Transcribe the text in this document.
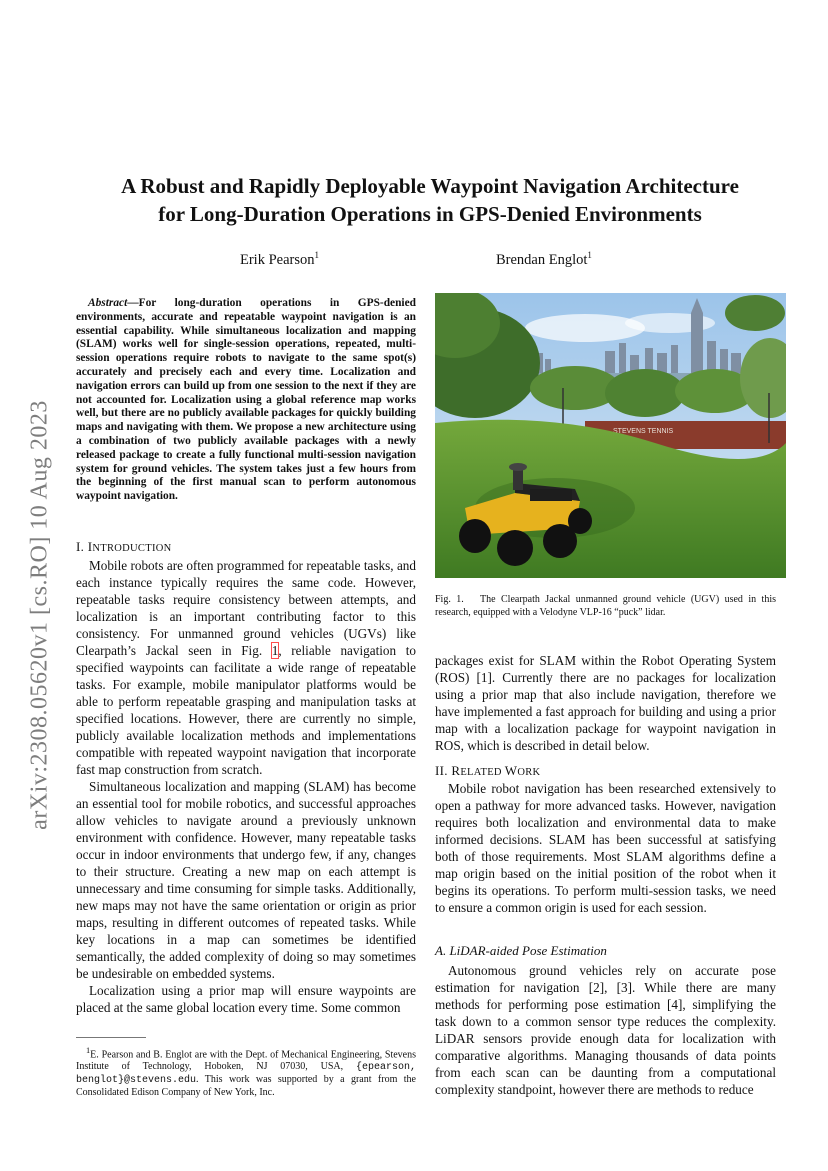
arXiv:2308.05620v1 [cs.RO] 10 Aug 2023
A Robust and Rapidly Deployable Waypoint Navigation Architecture
for Long-Duration Operations in GPS-Denied Environments
Erik Pearson$^1$	Brendan Englot$^1$

Abstract—For long-duration operations in GPS-denied environments, accurate and repeatable waypoint navigation is an essential capability. While simultaneous localization and mapping (SLAM) works well for single-session operations, repeated, multi-session operations require robots to navigate to the same spot(s) accurately and precisely each and every time. Localization and navigation errors can build up from one session to the next if they are not accounted for. Localization using a global reference map works well, but there are no publicly available packages for quickly building maps and navigating with them. We propose a new architecture using a combination of two publicly available packages with a newly released package to create a fully functional multi-session navigation system for ground vehicles. The system takes just a few hours from the beginning of the first manual scan to perform autonomous waypoint navigation.

I. INTRODUCTION

Mobile robots are often programmed for repeatable tasks, and each instance typically requires the same code. However, repeatable tasks require consistency between attempts, and localization is an important contributing factor to this consistency. For unmanned ground vehicles (UGVs) like Clearpath’s Jackal seen in Fig. 1, reliable navigation to specified waypoints can facilitate a wide range of repeatable tasks. For example, mobile manipulator platforms would be able to perform repeatable grasping and manipulation tasks at specified locations. However, there are currently no simple, publicly available localization methods and implementations compatible with repeated waypoint navigation that incorporate fast map construction from scratch.

Simultaneous localization and mapping (SLAM) has become an essential tool for mobile robotics, and successful approaches allow vehicles to navigate around a previously unknown environment with confidence. However, many repeatable tasks occur in indoor environments that undergo few, if any, changes to their structure. Creating a new map on each attempt is unnecessary and time consuming for simple tasks. Additionally, new maps may not have the same orientation or origin as prior maps, resulting in different outcomes of repeated tasks. While key locations in a map can sometimes be identified semantically, the added complexity of doing so may sometimes be undesirable on embedded systems.

Localization using a prior map will ensure waypoints are placed at the same global location every time. Some common

$^1$E. Pearson and B. Englot are with the Dept. of Mechanical Engineering, Stevens Institute of Technology, Hoboken, NJ 07030, USA, {epearson, benglot}@stevens.edu. This work was supported by a grant from the Consolidated Edison Company of New York, Inc.

STEVENS TENNIS
Fig. 1. The Clearpath Jackal unmanned ground vehicle (UGV) used in this research, equipped with a Velodyne VLP-16 “puck” lidar.

packages exist for SLAM within the Robot Operating System (ROS) [1]. Currently there are no packages for localization using a prior map that also include navigation, therefore we have implemented a fast approach for building and using a prior map with a localization package for waypoint navigation in ROS, which is described in detail below.

II. RELATED WORK

Mobile robot navigation has been researched extensively to open a pathway for more advanced tasks. However, navigation requires both localization and environmental data to make informed decisions. SLAM has been successful at satisfying both of those requirements. Most SLAM algorithms define a map origin based on the initial position of the robot when it begins its operations. To perform multi-session tasks, we need to ensure a common origin is used for each session.

A. LiDAR-aided Pose Estimation

Autonomous ground vehicles rely on accurate pose estimation for navigation [2], [3]. While there are many methods for performing pose estimation [4], simplifying the task down to a common sensor type reduces the complexity. LiDAR sensors provide enough data for localization with comparative algorithms. Managing thousands of data points from each scan can be daunting from a computational complexity standpoint, however there are methods to reduce
